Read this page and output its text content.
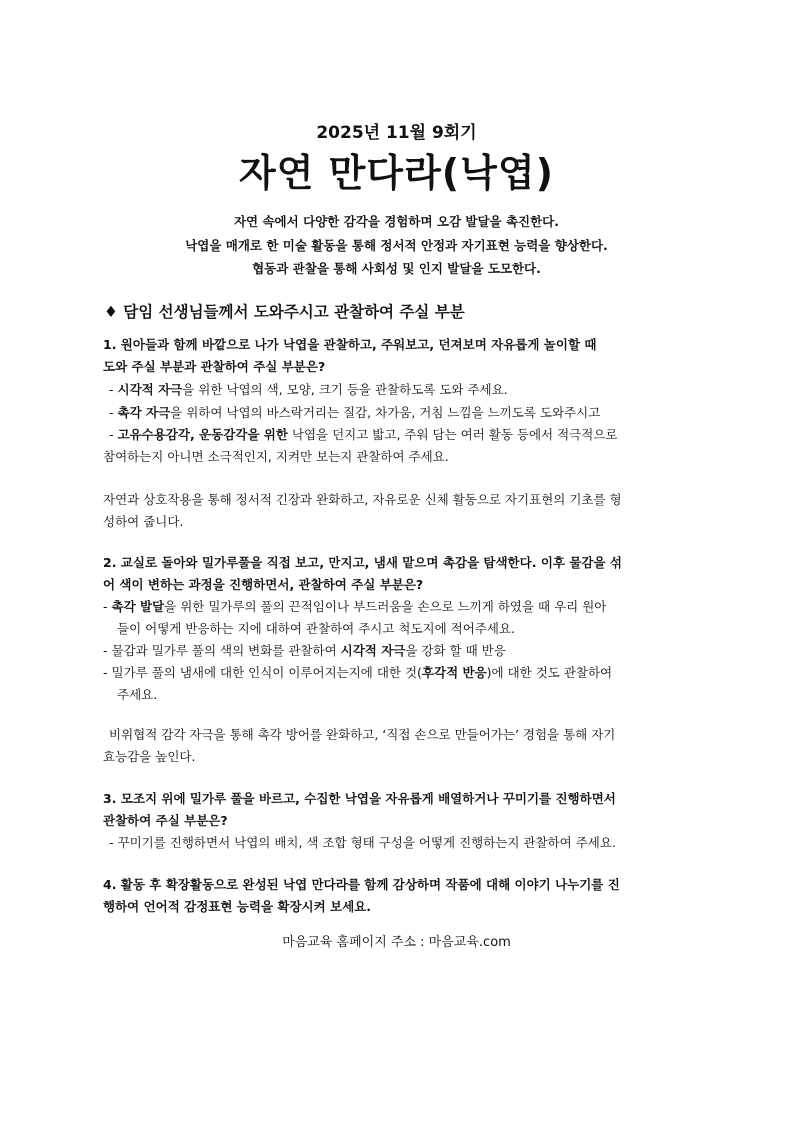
2025년 11월 9회기
자연 만다라(낙엽)
자연 속에서 다양한 감각을 경험하며 오감 발달을 촉진한다.
낙엽을 매개로 한 미술 활동을 통해 정서적 안정과 자기표현 능력을 향상한다.
협동과 관찰을 통해 사회성 및 인지 발달을 도모한다.
♦ 담임 선생님들께서 도와주시고 관찰하여 주실 부분
1. 원아들과 함께 바깥으로 나가 낙엽을 관찰하고, 주워보고, 던져보며 자유롭게 놀이할 때
도와 주실 부분과 관찰하여 주실 부분은?
- 시각적 자극을 위한 낙엽의 색, 모양, 크기 등을 관찰하도록 도와 주세요.
- 촉각 자극을 위하여 낙엽의 바스락거리는 질감, 차가움, 거침 느낌을 느끼도록 도와주시고
- 고유수용감각, 운동감각을 위한 낙엽을 던지고 밟고, 주워 담는 여러 활동 등에서 적극적으로
참여하는지 아니면 소극적인지, 지켜만 보는지 관찰하여 주세요.
자연과 상호작용을 통해 정서적 긴장과 완화하고, 자유로운 신체 활동으로 자기표현의 기초를 형
성하여 줍니다.
2. 교실로 돌아와 밀가루풀을 직접 보고, 만지고, 냄새 맡으며 촉감을 탐색한다. 이후 물감을 섞
어 색이 변하는 과정을 진행하면서, 관찰하여 주실 부분은?
- 촉각 발달을 위한 밀가루의 풀의 끈적임이나 부드러움을 손으로 느끼게 하였을 때 우리 원아
들이 어떻게 반응하는 지에 대하여 관찰하여 주시고 척도지에 적어주세요.
- 물감과 밀가루 풀의 색의 변화를 관찰하여 시각적 자극을 강화 할 때 반응
- 밀가루 풀의 냄새에 대한 인식이 이루어지는지에 대한 것(후각적 반응)에 대한 것도 관찰하여
주세요.
비위협적 감각 자극을 통해 촉각 방어를 완화하고, ‘직접 손으로 만들어가는’ 경험을 통해 자기
효능감을 높인다.
3. 모조지 위에 밀가루 풀을 바르고, 수집한 낙엽을 자유롭게 배열하거나 꾸미기를 진행하면서
관찰하여 주실 부분은?
- 꾸미기를 진행하면서 낙엽의 배치, 색 조합 형태 구성을 어떻게 진행하는지 관찰하여 주세요.
4. 활동 후 확장활동으로 완성된 낙엽 만다라를 함께 감상하며 작품에 대해 이야기 나누기를 진
행하여 언어적 감정표현 능력을 확장시켜 보세요.
마음교육 홈페이지 주소 : 마음교육.com
